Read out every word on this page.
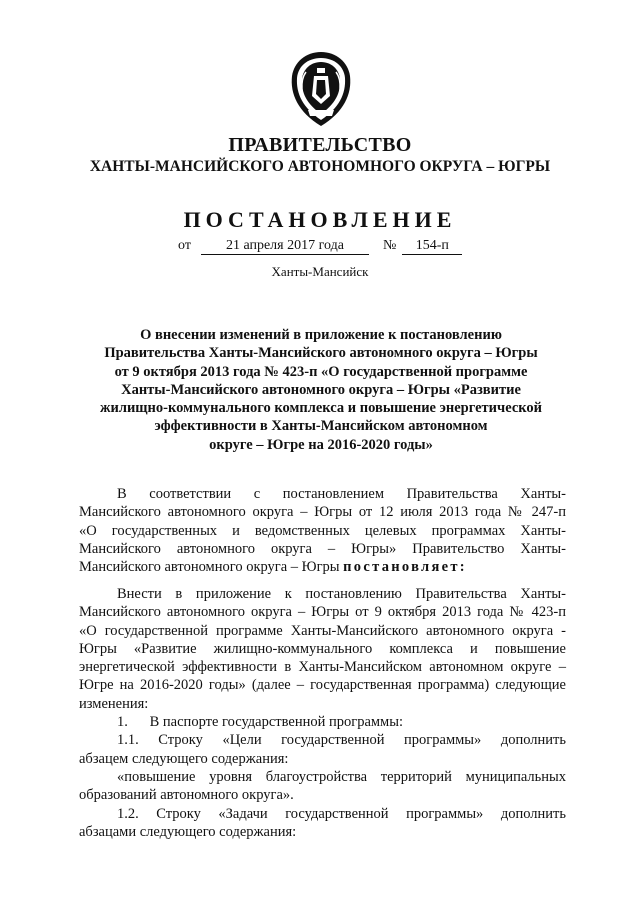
ПРАВИТЕЛЬСТВО
ХАНТЫ-МАНСИЙСКОГО АВТОНОМНОГО ОКРУГА – ЮГРЫ
ПОСТАНОВЛЕНИЕ
от	21 апреля 2017 года	№ 154-п
Ханты-Мансийск
О внесении изменений в приложение к постановлению
Правительства Ханты-Мансийского автономного округа – Югры
от 9 октября 2013 года № 423-п «О государственной программе
Ханты-Мансийского автономного округа – Югры «Развитие
жилищно-коммунального комплекса и повышение энергетической
эффективности в Ханты-Мансийском автономном
округе – Югре на 2016-2020 годы»
В соответствии с постановлением Правительства Ханты-
Мансийского автономного округа – Югры от 12 июля 2013 года № 247-п
«О государственных и ведомственных целевых программах Ханты-
Мансийского автономного округа – Югры» Правительство Ханты-
Мансийского автономного округа – Югры постановляет:
Внести в приложение к постановлению Правительства Ханты-
Мансийского автономного округа – Югры от 9 октября 2013 года № 423-п
«О государственной программе Ханты-Мансийского автономного округа -
Югры «Развитие жилищно-коммунального комплекса и повышение
энергетической эффективности в Ханты-Мансийском автономном округе –
Югре на 2016-2020 годы» (далее – государственная программа) следующие
изменения:
1.      В паспорте государственной программы:
1.1. Строку «Цели государственной программы» дополнить
абзацем следующего содержания:
«повышение уровня благоустройства территорий муниципальных
образований автономного округа».
1.2. Строку «Задачи государственной программы» дополнить
абзацами следующего содержания:
